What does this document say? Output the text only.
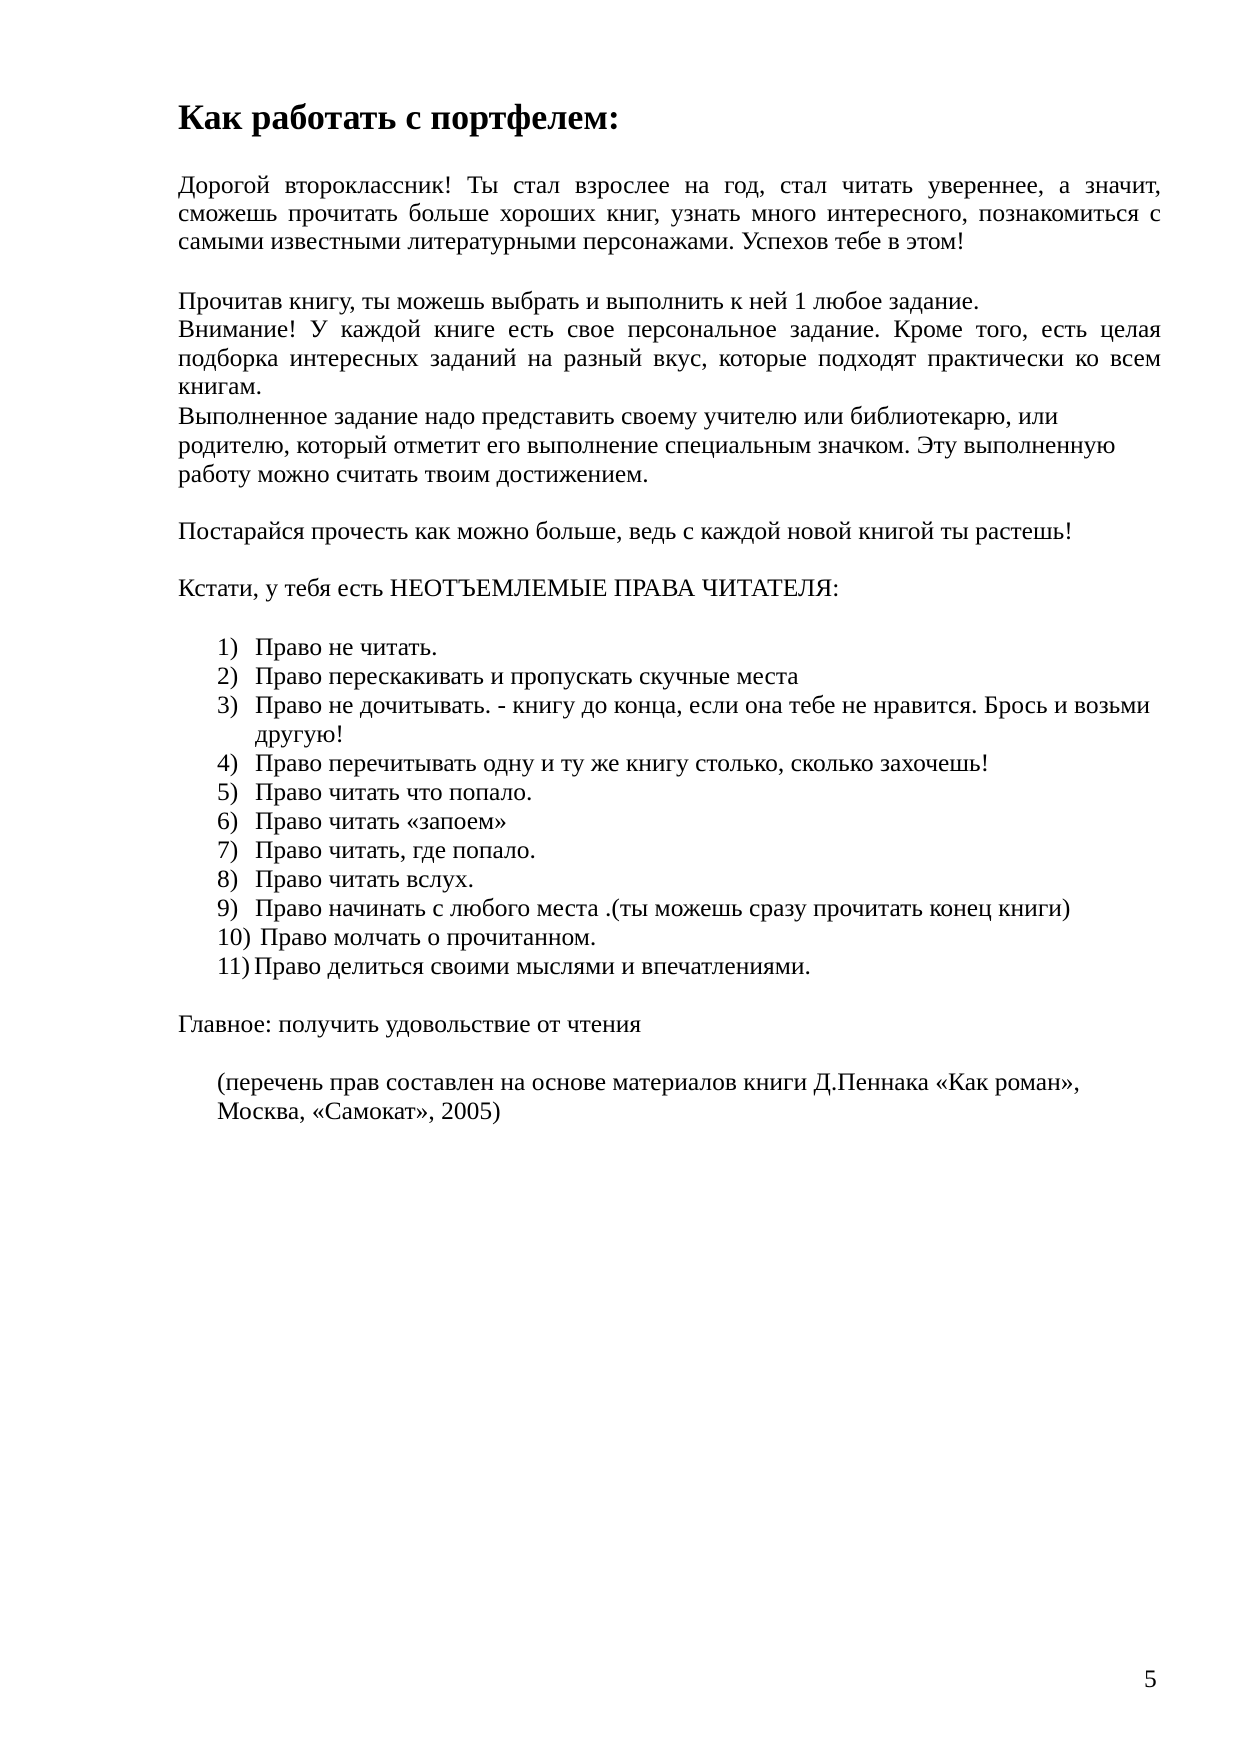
Как работать с портфелем:
Дорогой второклассник! Ты стал взрослее на год, стал читать увереннее, а значит,
сможешь прочитать больше хороших книг, узнать много интересного, познакомиться с
самыми известными литературными персонажами. Успехов тебе в этом!
Прочитав книгу, ты можешь выбрать и выполнить к ней 1 любое задание.
Внимание! У каждой книге есть свое персональное задание. Кроме того, есть целая
подборка интересных заданий на разный вкус, которые подходят практически ко всем
книгам.
Выполненное задание надо представить своему учителю или библиотекарю, или
родителю, который отметит его выполнение специальным значком. Эту выполненную
работу можно считать твоим достижением.
Постарайся прочесть как можно больше, ведь с каждой новой книгой ты растешь!
Кстати, у тебя есть НЕОТЪЕМЛЕМЫЕ ПРАВА ЧИТАТЕЛЯ:
1) Право не читать.
2) Право перескакивать и пропускать скучные места
3) Право не дочитывать. - книгу до конца, если она тебе не нравится. Брось и возьми
другую!
4) Право перечитывать одну и ту же книгу столько, сколько захочешь!
5) Право читать что попало.
6) Право читать «запоем»
7) Право читать, где попало.
8) Право читать вслух.
9) Право начинать с любого места .(ты можешь сразу прочитать конец книги)
10) Право молчать о прочитанном.
11) Право делиться своими мыслями и впечатлениями.
Главное: получить удовольствие от чтения
(перечень прав составлен на основе материалов книги Д.Пеннака «Как роман»,
Москва, «Самокат», 2005)
5
